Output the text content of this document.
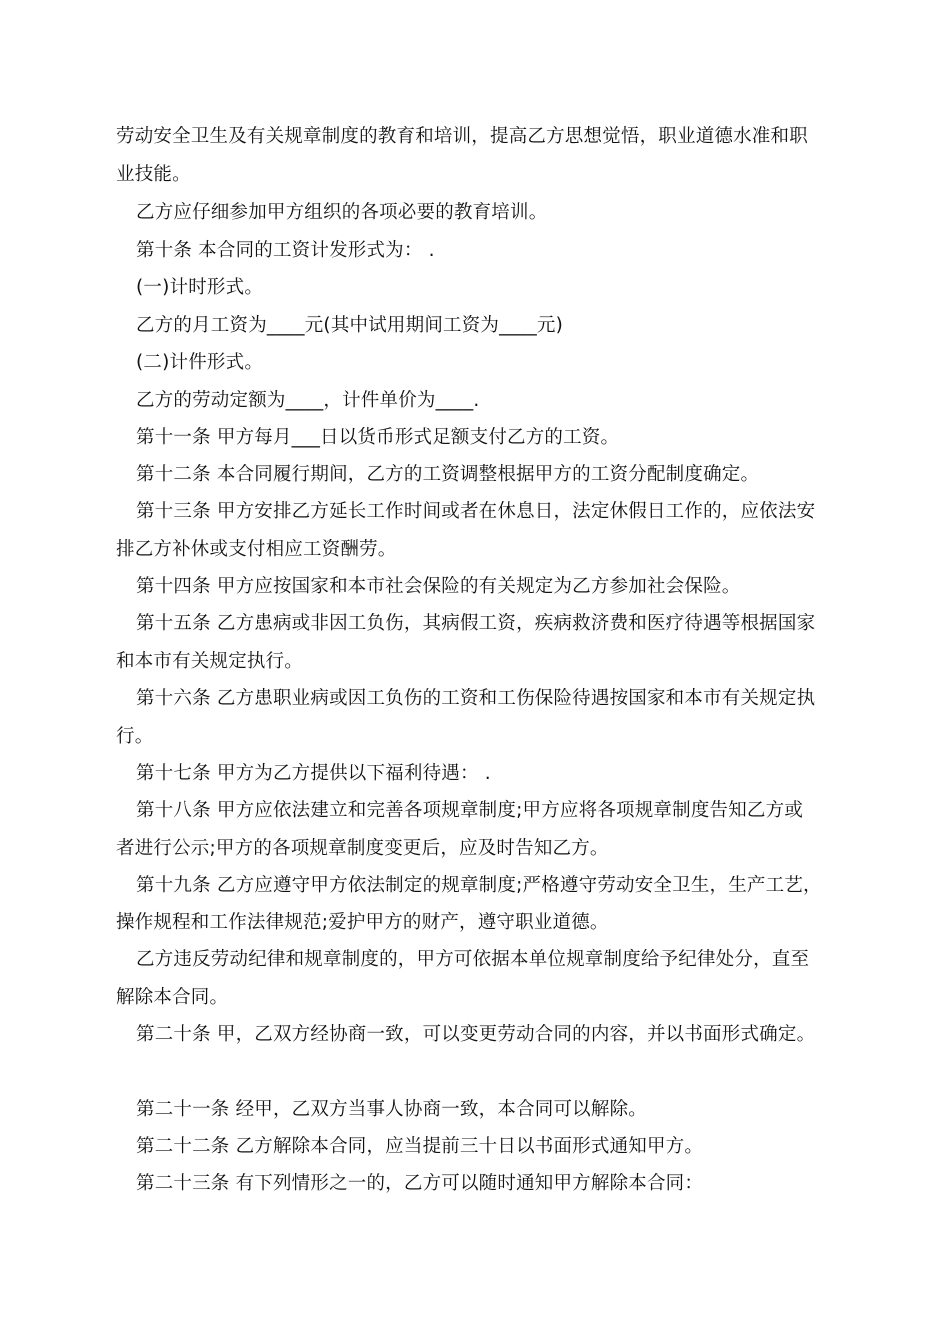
劳动安全卫生及有关规章制度的教育和培训，提高乙方思想觉悟，职业道德水准和职
业技能。
乙方应仔细参加甲方组织的各项必要的教育培训。
第十条 本合同的工资计发形式为： .
(一)计时形式。
乙方的月工资为____元(其中试用期间工资为____元)
(二)计件形式。
乙方的劳动定额为____，计件单价为____.
第十一条 甲方每月___日以货币形式足额支付乙方的工资。
第十二条 本合同履行期间，乙方的工资调整根据甲方的工资分配制度确定。
第十三条 甲方安排乙方延长工作时间或者在休息日，法定休假日工作的，应依法安
排乙方补休或支付相应工资酬劳。
第十四条 甲方应按国家和本市社会保险的有关规定为乙方参加社会保险。
第十五条 乙方患病或非因工负伤，其病假工资，疾病救济费和医疗待遇等根据国家
和本市有关规定执行。
第十六条 乙方患职业病或因工负伤的工资和工伤保险待遇按国家和本市有关规定执
行。
第十七条 甲方为乙方提供以下福利待遇： .
第十八条 甲方应依法建立和完善各项规章制度;甲方应将各项规章制度告知乙方或
者进行公示;甲方的各项规章制度变更后，应及时告知乙方。
第十九条 乙方应遵守甲方依法制定的规章制度;严格遵守劳动安全卫生，生产工艺，
操作规程和工作法律规范;爱护甲方的财产，遵守职业道德。
乙方违反劳动纪律和规章制度的，甲方可依据本单位规章制度给予纪律处分，直至
解除本合同。
第二十条 甲，乙双方经协商一致，可以变更劳动合同的内容，并以书面形式确定。
第二十一条 经甲，乙双方当事人协商一致，本合同可以解除。
第二十二条 乙方解除本合同，应当提前三十日以书面形式通知甲方。
第二十三条 有下列情形之一的，乙方可以随时通知甲方解除本合同：
